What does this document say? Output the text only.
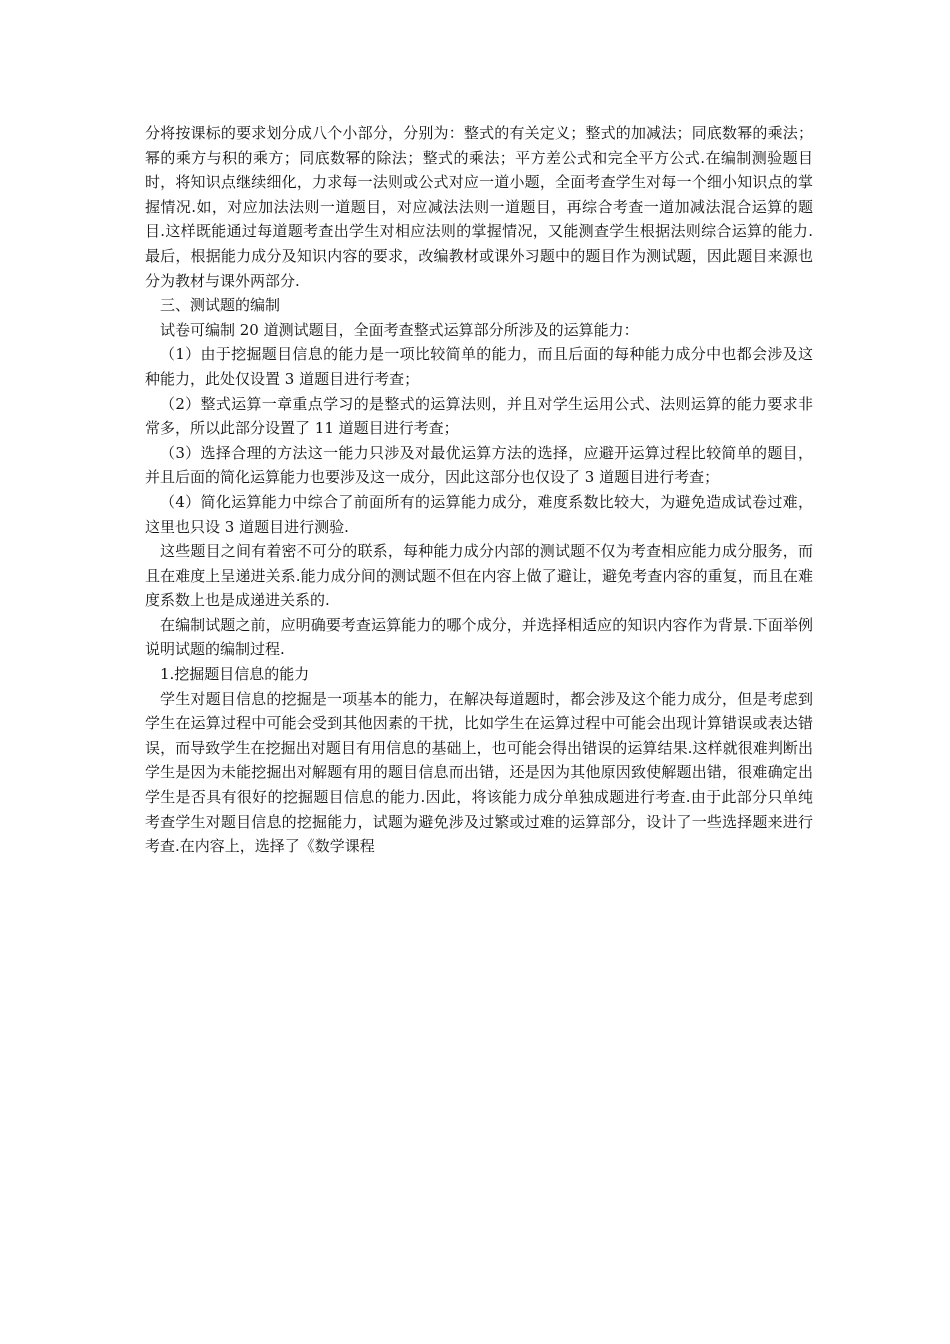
分将按课标的要求划分成八个小部分，分别为：整式的有关定义；整式的加减法；同底数幂的乘法；幂的乘方与积的乘方；同底数幂的除法；整式的乘法；平方差公式和完全平方公式.在编制测验题目时，将知识点继续细化，力求每一法则或公式对应一道小题，全面考查学生对每一个细小知识点的掌握情况.如，对应加法法则一道题目，对应减法法则一道题目，再综合考查一道加减法混合运算的题目.这样既能通过每道题考查出学生对相应法则的掌握情况，又能测查学生根据法则综合运算的能力.最后，根据能力成分及知识内容的要求，改编教材或课外习题中的题目作为测试题，因此题目来源也分为教材与课外两部分.

三、测试题的编制

试卷可编制 20 道测试题目，全面考查整式运算部分所涉及的运算能力：

（1）由于挖掘题目信息的能力是一项比较简单的能力，而且后面的每种能力成分中也都会涉及这种能力，此处仅设置 3 道题目进行考查；

（2）整式运算一章重点学习的是整式的运算法则，并且对学生运用公式、法则运算的能力要求非常多，所以此部分设置了 11 道题目进行考查；

（3）选择合理的方法这一能力只涉及对最优运算方法的选择，应避开运算过程比较简单的题目，并且后面的简化运算能力也要涉及这一成分，因此这部分也仅设了 3 道题目进行考查；

（4）简化运算能力中综合了前面所有的运算能力成分，难度系数比较大，为避免造成试卷过难，这里也只设 3 道题目进行测验.

这些题目之间有着密不可分的联系，每种能力成分内部的测试题不仅为考查相应能力成分服务，而且在难度上呈递进关系.能力成分间的测试题不但在内容上做了避让，避免考查内容的重复，而且在难度系数上也是成递进关系的.

在编制试题之前，应明确要考查运算能力的哪个成分，并选择相适应的知识内容作为背景.下面举例说明试题的编制过程.

1.挖掘题目信息的能力

学生对题目信息的挖掘是一项基本的能力，在解决每道题时，都会涉及这个能力成分，但是考虑到学生在运算过程中可能会受到其他因素的干扰，比如学生在运算过程中可能会出现计算错误或表达错误，而导致学生在挖掘出对题目有用信息的基础上，也可能会得出错误的运算结果.这样就很难判断出学生是因为未能挖掘出对解题有用的题目信息而出错，还是因为其他原因致使解题出错，很难确定出学生是否具有很好的挖掘题目信息的能力.因此，将该能力成分单独成题进行考查.由于此部分只单纯考查学生对题目信息的挖掘能力，试题为避免涉及过繁或过难的运算部分，设计了一些选择题来进行考查.在内容上，选择了《数学课程
